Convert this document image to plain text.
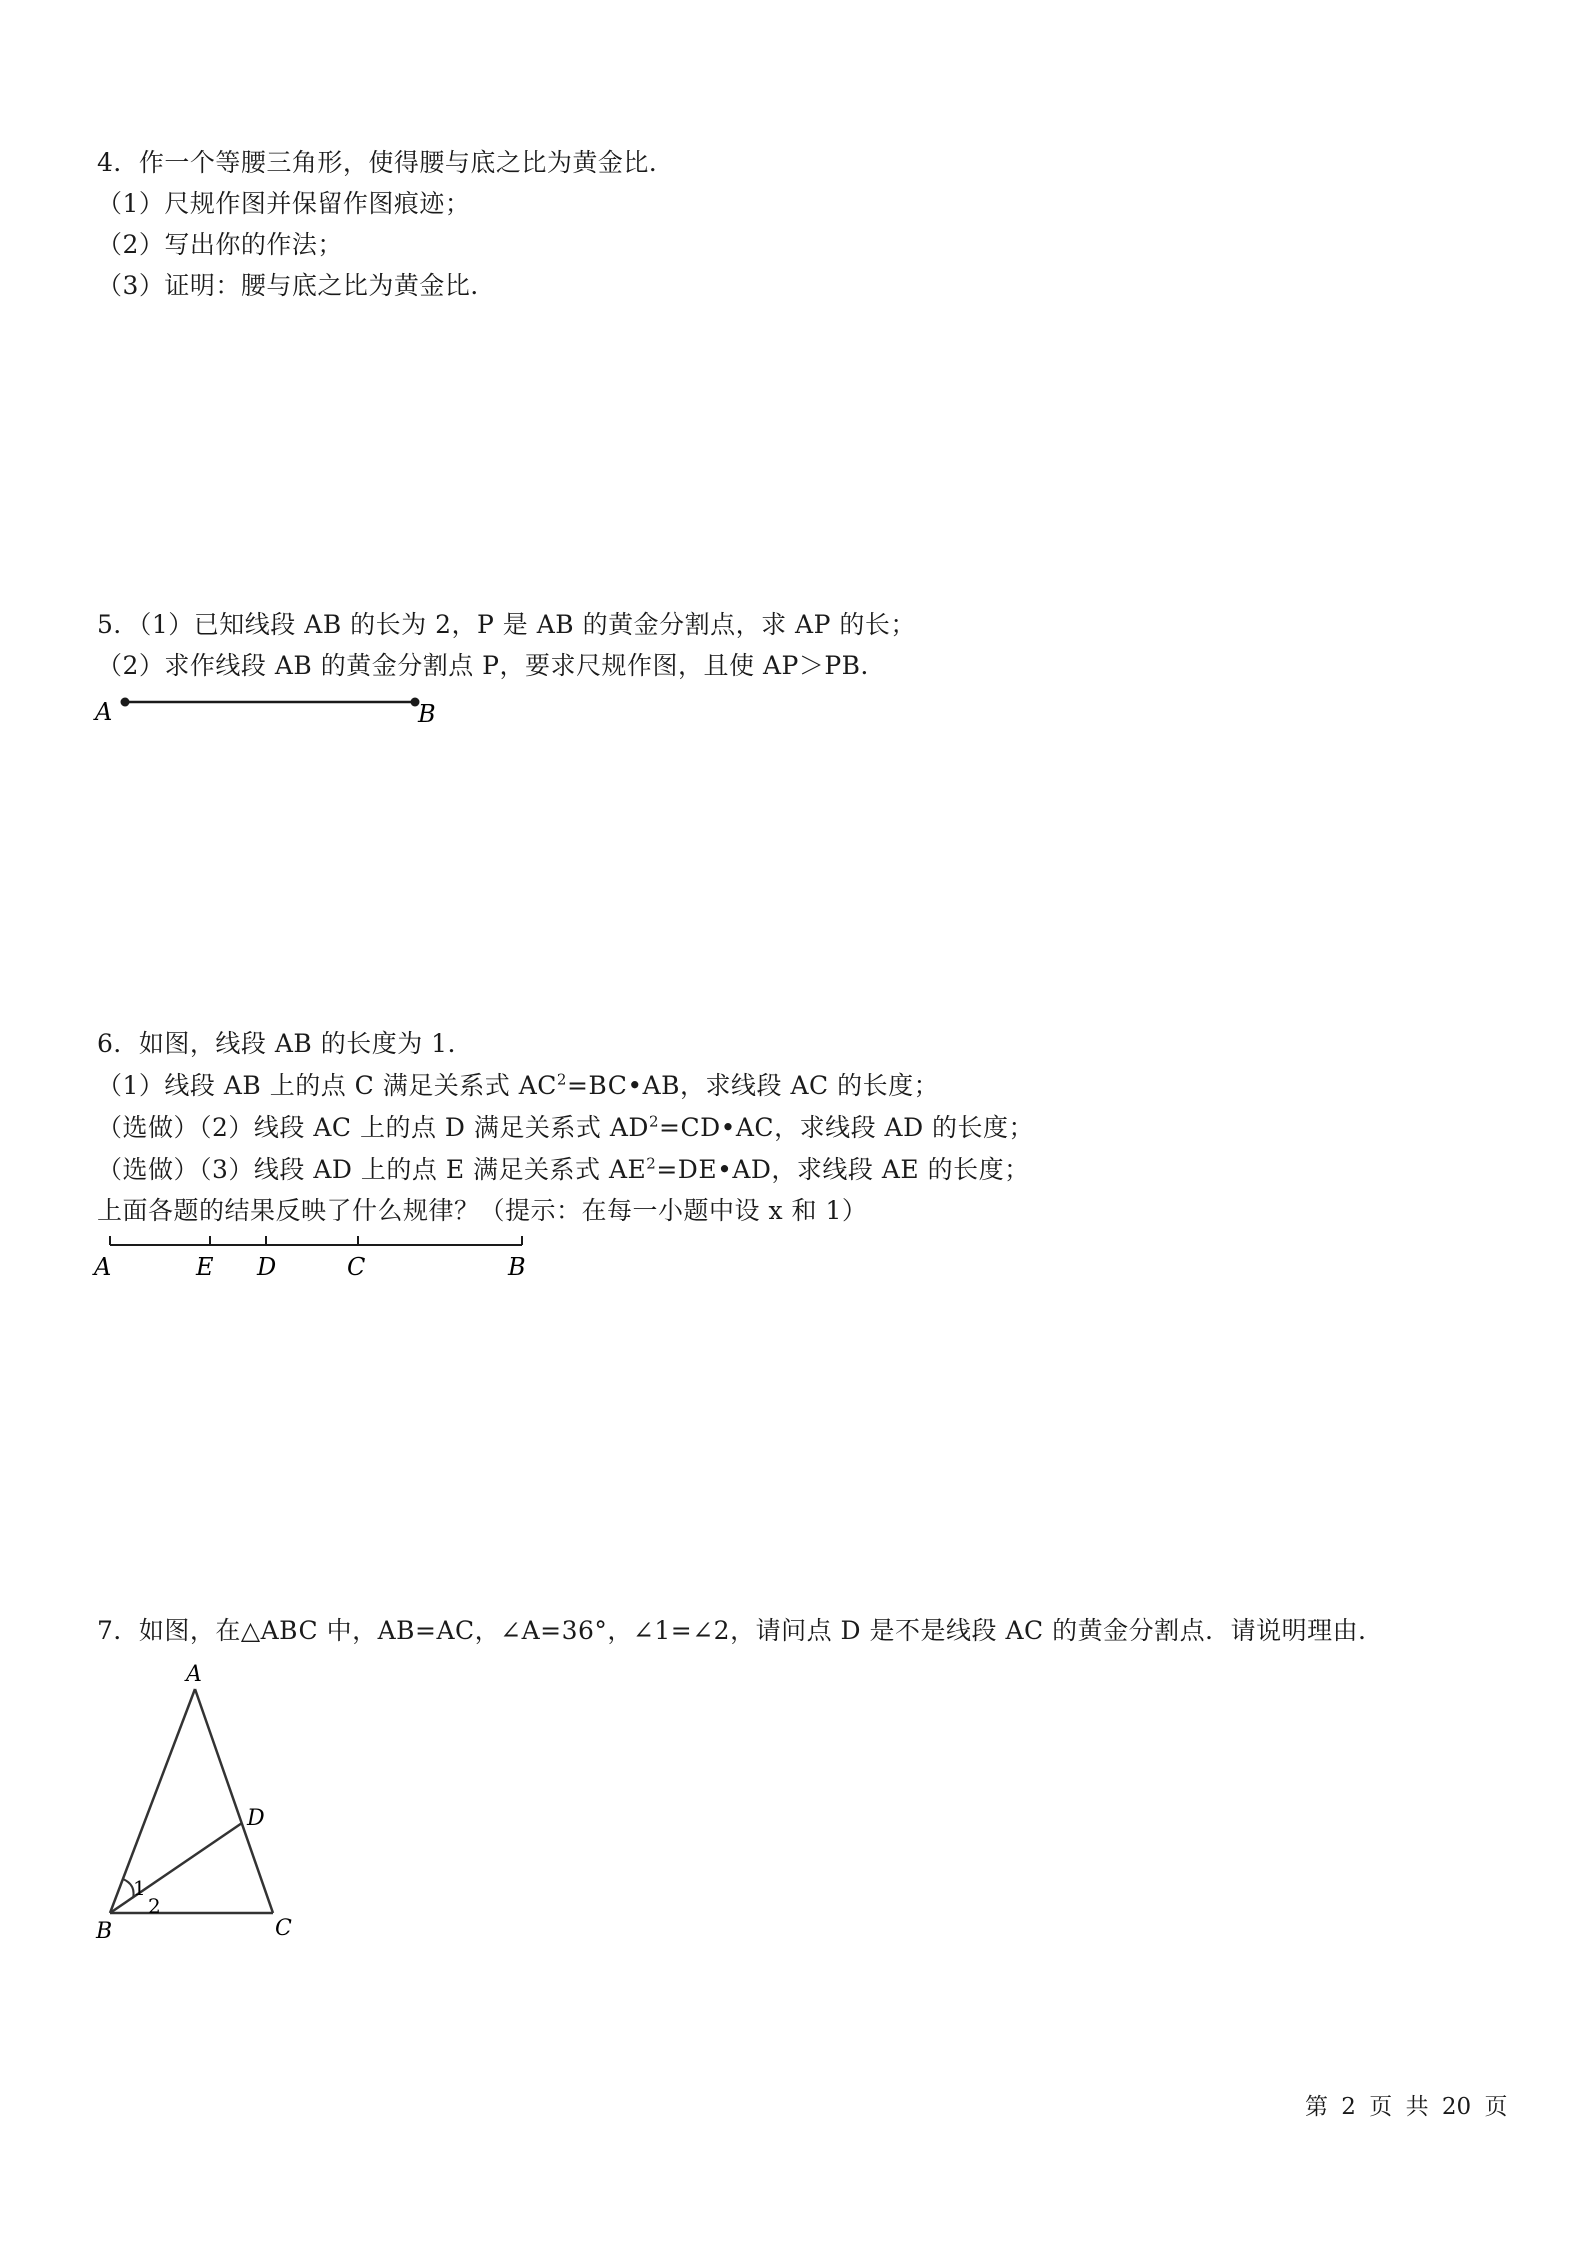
4．作一个等腰三角形，使得腰与底之比为黄金比．
（1）尺规作图并保留作图痕迹；
（2）写出你的作法；
（3）证明：腰与底之比为黄金比．
5．（1）已知线段 AB 的长为 2，P 是 AB 的黄金分割点，求 AP 的长；
（2）求作线段 AB 的黄金分割点 P，要求尺规作图，且使 AP＞PB．
A	B
6．如图，线段 AB 的长度为 1．
（1）线段 AB 上的点 C 满足关系式 $AC^2=BC•AB$，求线段 AC 的长度；
（选做）（2）线段 AC 上的点 D 满足关系式 $AD^2=CD•AC$，求线段 AD 的长度；
（选做）（3）线段 AD 上的点 E 满足关系式 $AE^2=DE•AD$，求线段 AE 的长度；
上面各题的结果反映了什么规律？（提示：在每一小题中设 x 和 1）
A	E D	C	B
7．如图，在△ABC 中，AB=AC，∠A=36°，∠1=∠2，请问点 D 是不是线段 AC 的黄金分割点．请说明理由．
A
B	C
D
1
2
第 2 页 共 20 页
